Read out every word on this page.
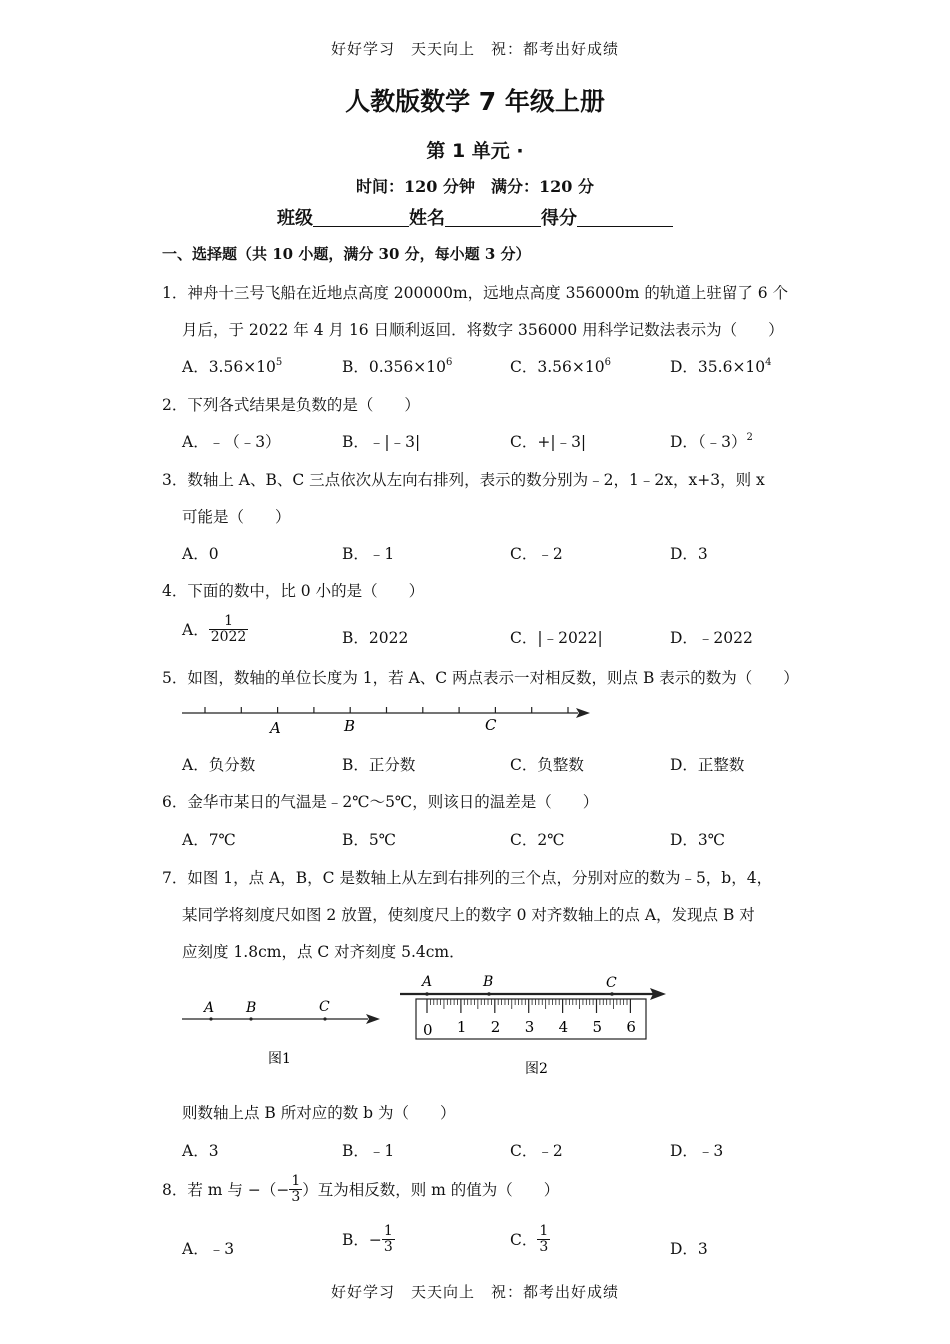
好好学习　天天向上　祝：都考出好成绩
人教版数学 7 年级上册
第 1 单元 ·
时间：120 分钟　满分：120 分
班级	姓名	得分
一、选择题（共 10 小题，满分 30 分，每小题 3 分）
1．神舟十三号飞船在近地点高度 200000m，远地点高度 356000m 的轨道上驻留了 6 个
月后，于 2022 年 4 月 16 日顺利返回．将数字 356000 用科学记数法表示为（　　）
A．$3.56\times 10^5$	B．$0.356\times 10^6$	C．$3.56\times 10^6$	D．$35.6\times 10^4$
2．下列各式结果是负数的是（　　）
A．﹣（﹣3）	B．﹣|﹣3|	C．+|﹣3|	D．（﹣3）$^2$
3．数轴上 A、B、C 三点依次从左向右排列，表示的数分别为﹣2，1﹣2x，x+3，则 x
可能是（　　）
A．0	B．﹣1	C．﹣2	D．3
4．下面的数中，比 0 小的是（　　）
A． $\frac{1}{2022}$	B．2022	C．|﹣2022|	D．﹣2022
5．如图，数轴的单位长度为 1，若 A、C 两点表示一对相反数，则点 B 表示的数为（　　）
A	B	C
A．负分数	B．正分数	C．负整数	D．正整数
6．金华市某日的气温是﹣2℃～5℃，则该日的温差是（　　）
A．7℃	B．5℃	C．2℃	D．3℃
7．如图 1，点 A，B，C 是数轴上从左到右排列的三个点，分别对应的数为﹣5，b，4，
某同学将刻度尺如图 2 放置，使刻度尺上的数字 0 对齐数轴上的点 A，发现点 B 对
应刻度 1.8cm，点 C 对齐刻度 5.4cm．
A B	C
图1
0 1 2 3 4 5 6
A	B	C
图2
则数轴上点 B 所对应的数 b 为（　　）
A．3	B．﹣1	C．﹣2	D．﹣3
8．若 m 与 −（− $\frac{1}{3}$ ）互为相反数，则 m 的值为（　　）
A．﹣3	B．− $\frac{1}{3}$	C． $\frac{1}{3}$	D．3
好好学习　天天向上　祝：都考出好成绩
